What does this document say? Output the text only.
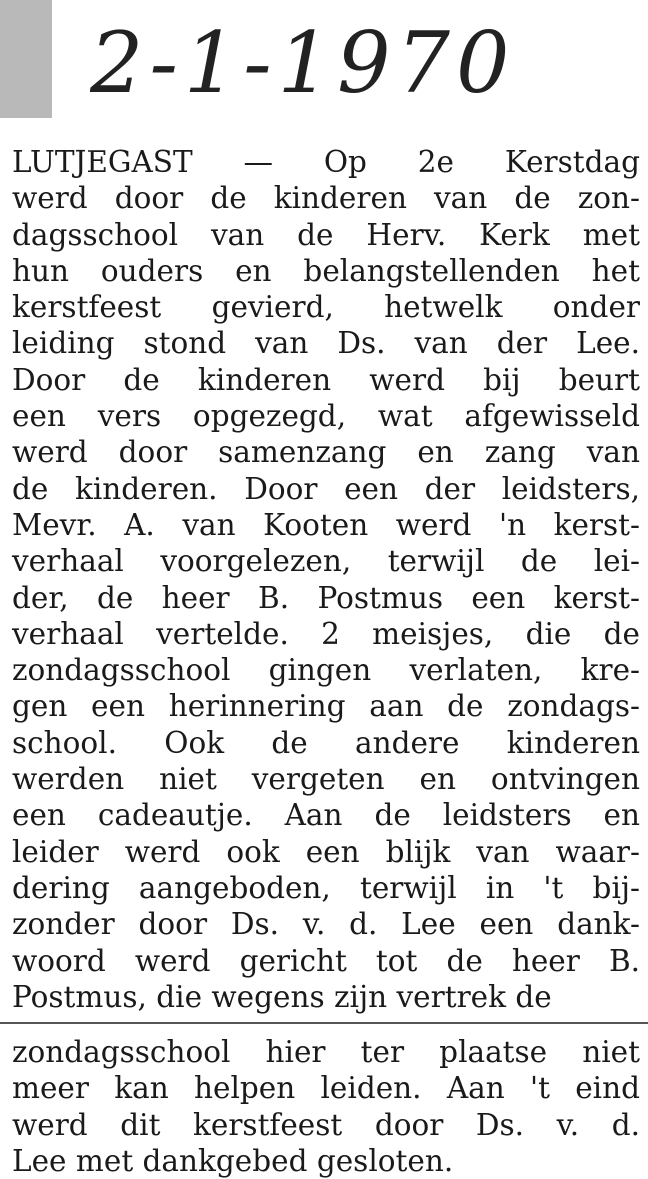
2-1-1970
LUTJEGAST — Op 2e Kerstdag
werd door de kinderen van de zon-
dagsschool van de Herv. Kerk met
hun ouders en belangstellenden het
kerstfeest gevierd, hetwelk onder
leiding stond van Ds. van der Lee.
Door de kinderen werd bij beurt
een vers opgezegd, wat afgewisseld
werd door samenzang en zang van
de kinderen. Door een der leidsters,
Mevr. A. van Kooten werd 'n kerst-
verhaal voorgelezen, terwijl de lei-
der, de heer B. Postmus een kerst-
verhaal vertelde. 2 meisjes, die de
zondagsschool gingen verlaten, kre-
gen een herinnering aan de zondags-
school. Ook de andere kinderen
werden niet vergeten en ontvingen
een cadeautje. Aan de leidsters en
leider werd ook een blijk van waar-
dering aangeboden, terwijl in 't bij-
zonder door Ds. v. d. Lee een dank-
woord werd gericht tot de heer B.
Postmus, die wegens zijn vertrek de
zondagsschool hier ter plaatse niet
meer kan helpen leiden. Aan 't eind
werd dit kerstfeest door Ds. v. d.
Lee met dankgebed gesloten.
